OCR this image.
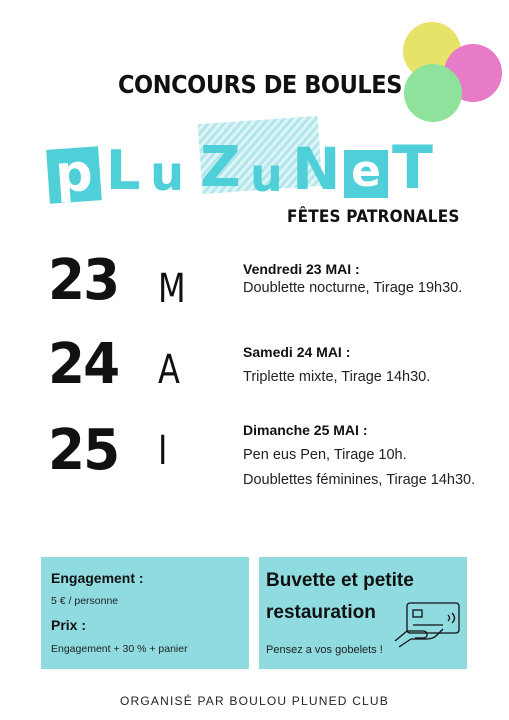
CONCOURS DE BOULES
p L u Z u N e T
FÊTES PATRONALES
23 M
24 A
25 I
Vendredi 23 MAI :
Doublette nocturne, Tirage 19h30.
Samedi 24 MAI :
Triplette mixte, Tirage 14h30.
Dimanche 25 MAI :
Pen eus Pen, Tirage 10h.
Doublettes féminines, Tirage 14h30.
Engagement :
5 € / personne
Prix :
Engagement + 30 % + panier
Buvette et petite restauration
Pensez a vos gobelets !
ORGANISÉ PAR BOULOU PLUNED CLUB
